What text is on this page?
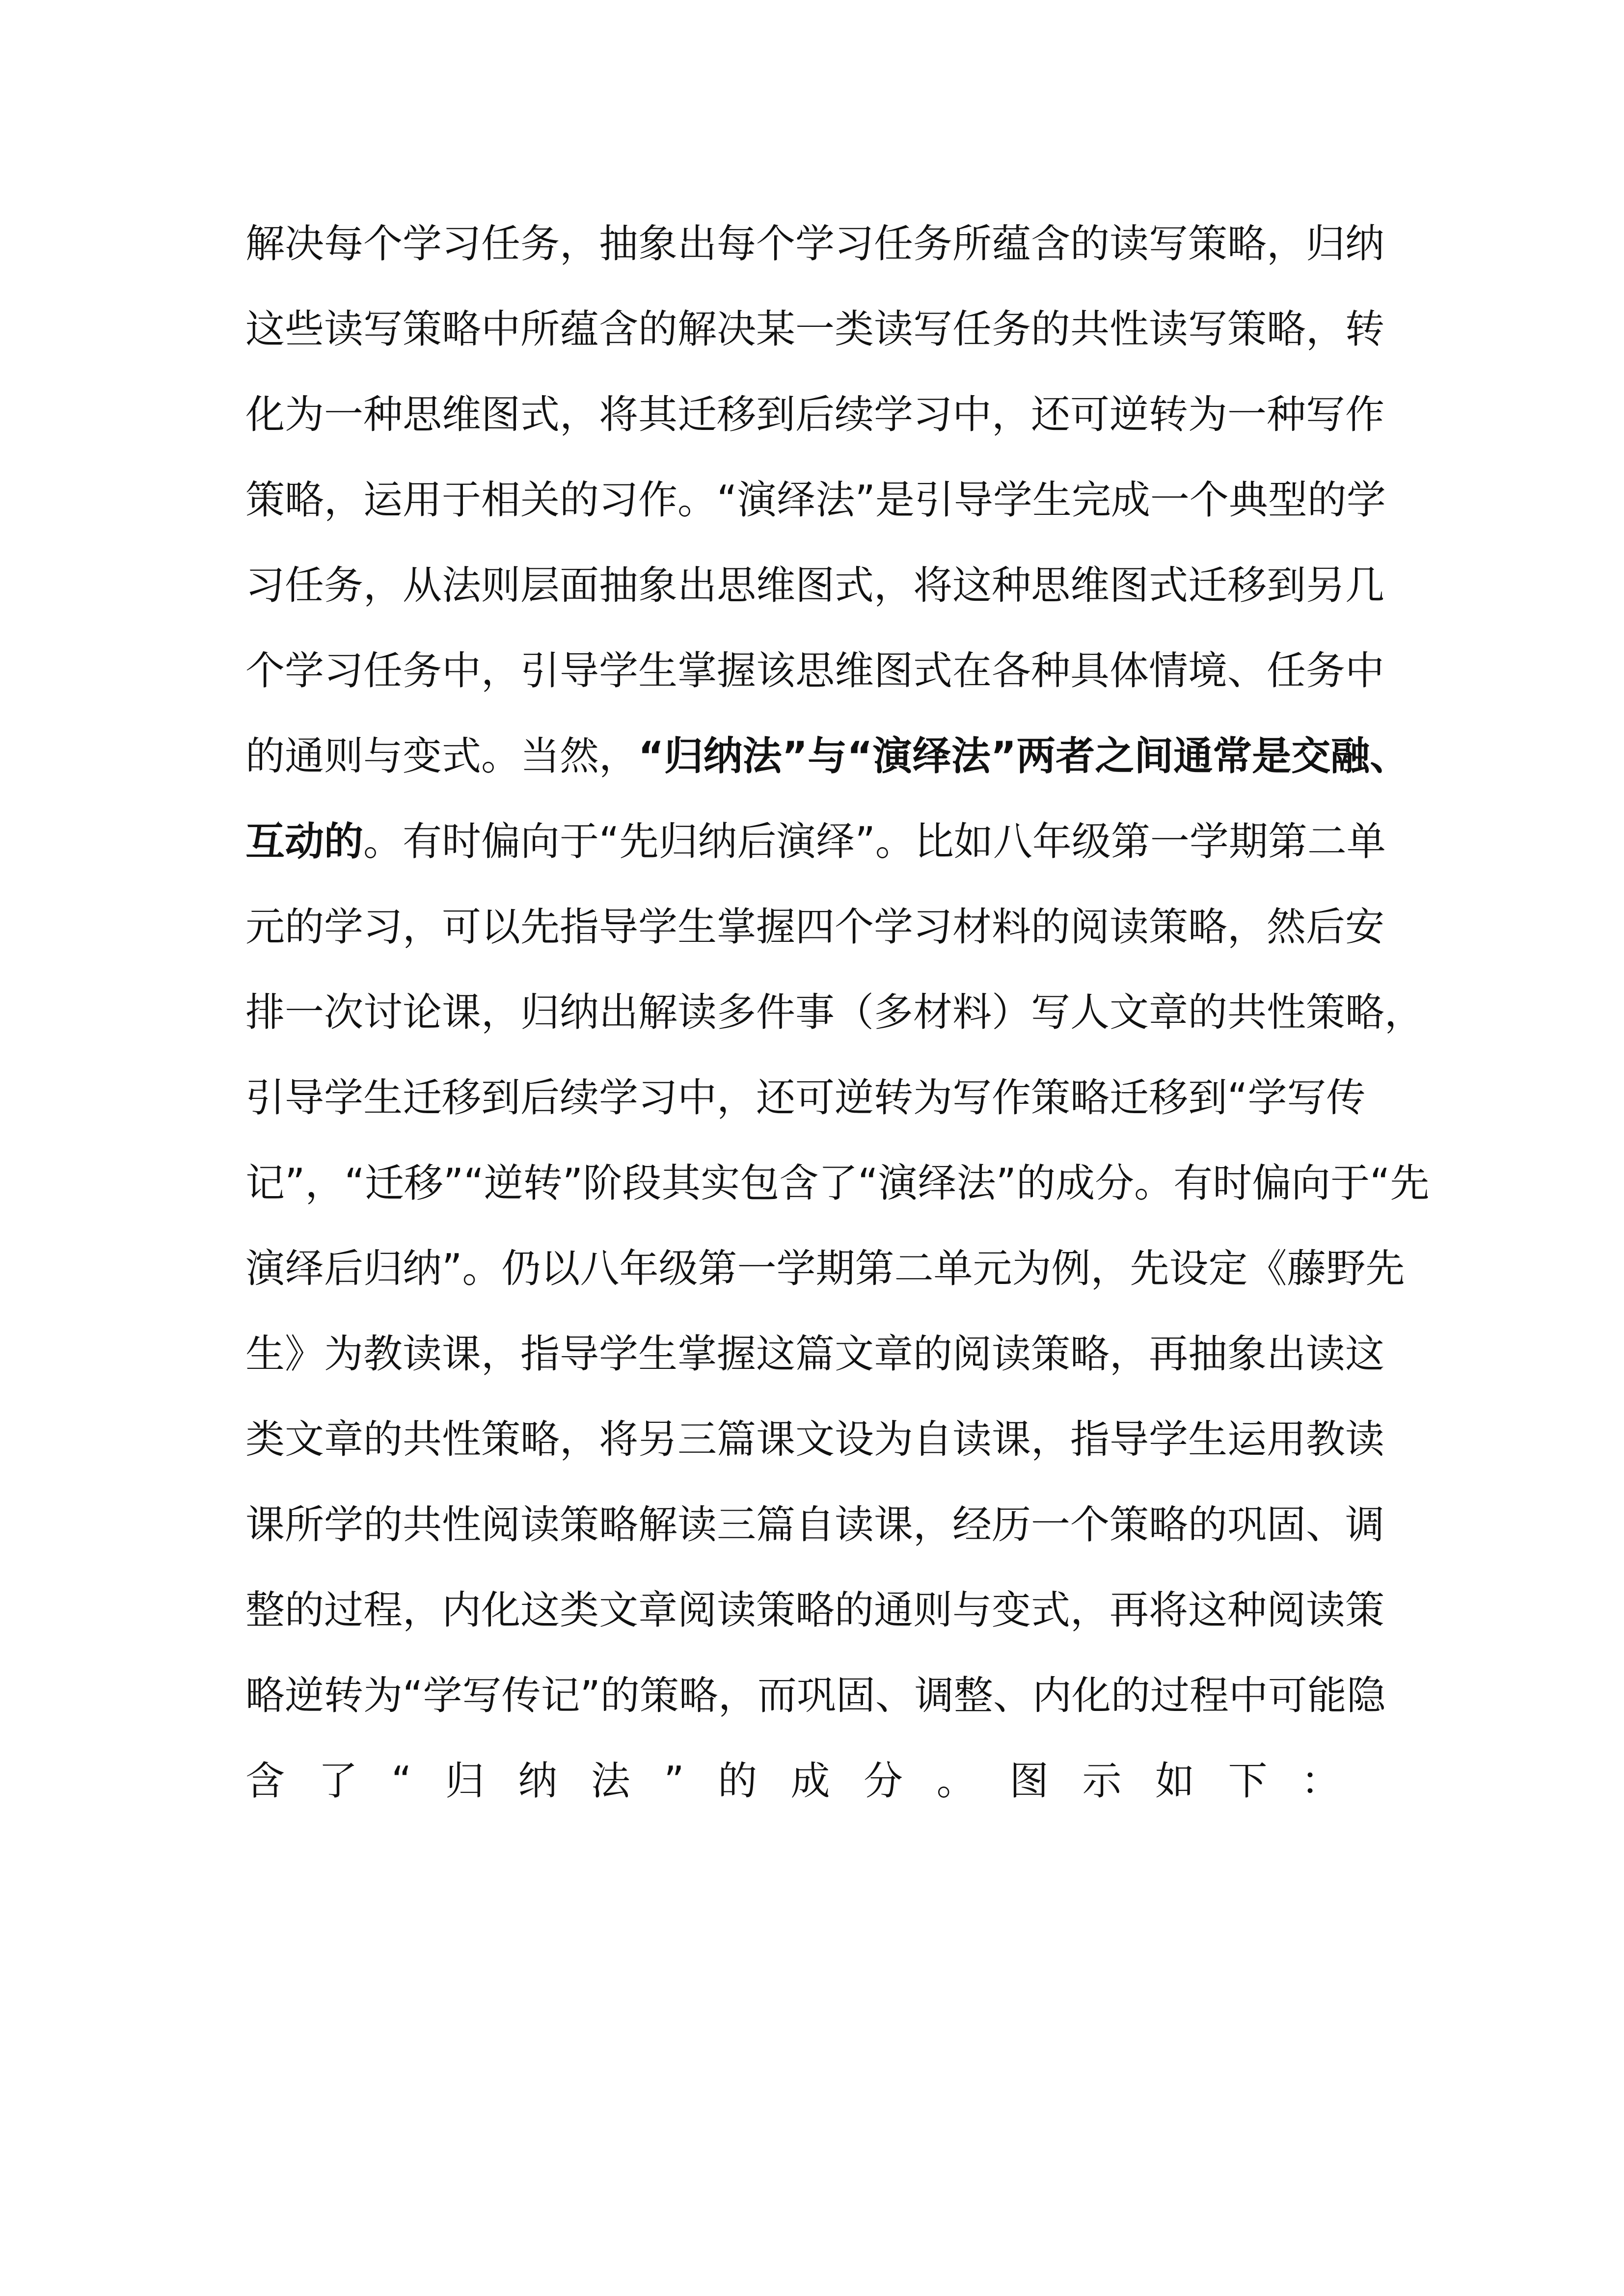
解决每个学习任务，抽象出每个学习任务所蕴含的读写策略，归纳
这些读写策略中所蕴含的解决某一类读写任务的共性读写策略，转
化为一种思维图式，将其迁移到后续学习中，还可逆转为一种写作
策略，运用于相关的习作。“演绎法”是引导学生完成一个典型的学
习任务，从法则层面抽象出思维图式，将这种思维图式迁移到另几
个学习任务中，引导学生掌握该思维图式在各种具体情境、任务中
的通则与变式。当然，“归纳法”与“演绎法”两者之间通常是交融、
互动的。有时偏向于“先归纳后演绎”。比如八年级第一学期第二单
元的学习，可以先指导学生掌握四个学习材料的阅读策略，然后安
排一次讨论课，归纳出解读多件事（多材料）写人文章的共性策略，
引导学生迁移到后续学习中，还可逆转为写作策略迁移到“学写传
记”，“迁移”“逆转”阶段其实包含了“演绎法”的成分。有时偏向于“先
演绎后归纳”。仍以八年级第一学期第二单元为例，先设定《藤野先
生》为教读课，指导学生掌握这篇文章的阅读策略，再抽象出读这
类文章的共性策略，将另三篇课文设为自读课，指导学生运用教读
课所学的共性阅读策略解读三篇自读课，经历一个策略的巩固、调
整的过程，内化这类文章阅读策略的通则与变式，再将这种阅读策
略逆转为“学写传记”的策略，而巩固、调整、内化的过程中可能隐
含 了 “ 归 纳 法 ” 的 成 分 。 图 示 如 下 ：
